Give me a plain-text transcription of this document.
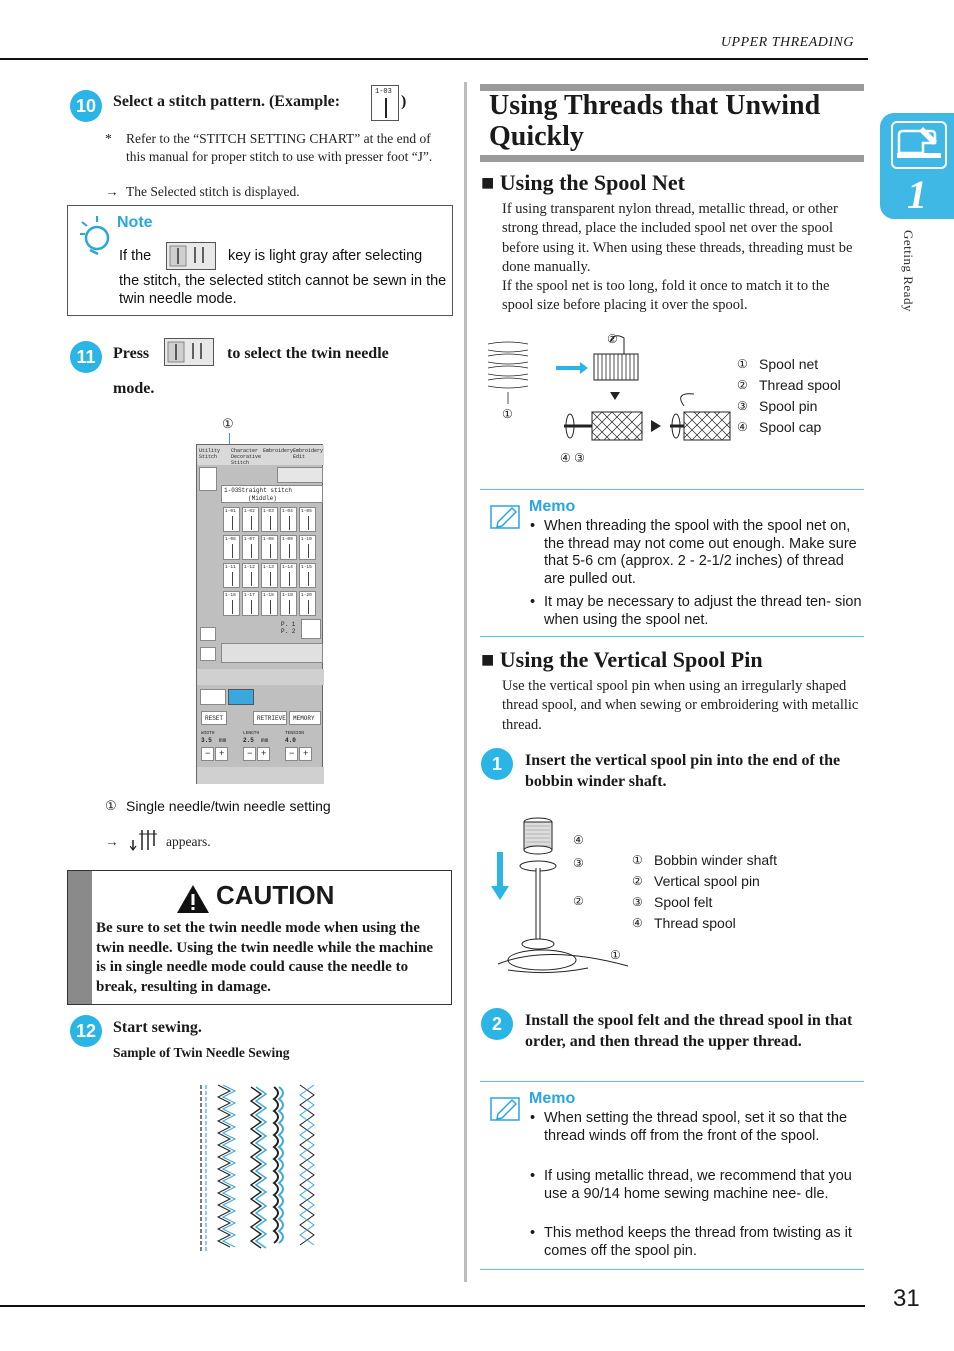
UPPER THREADING
1
Getting Ready
10	Select a stitch pattern. (Example:
1-03
)
* Refer to the “STITCH SETTING CHART” at the end of this manual for proper stitch to use with presser foot “J”.
→ The Selected stitch is displayed.
Note
If the	key is light gray after selecting
the stitch, the selected stitch cannot be sewn in the twin needle mode.
11	Press	to select the twin needle
mode.
①
Utility Stitch
Character Decorative Stitch
Embroidery Embroidery Edit
1-03 Straight stitch
(Middle)
P. 1
P. 2
RESET	RETRIEVE MEMORY
WIDTH	LENGTH	TENSION
3.5 mm	2.5 mm	4.0
1-01 1-02 1-03 1-04 1-05
1-06 1-07 1-08 1-09 1-10
1-11 1-12 1-13 1-14 1-15
1-16 1-17 1-18 1-19 1-20
− +	− +	− +
① Single needle/twin needle setting
→	appears.
CAUTION
Be sure to set the twin needle mode when using the twin needle. Using the twin needle while the machine is in single needle mode could cause the needle to break, resulting in damage.
12	Start sewing.
Sample of Twin Needle Sewing
Using Threads that Unwind
Quickly
■ Using the Spool Net
If using transparent nylon thread, metallic thread, or other strong thread, place the included spool net over the spool before using it. When using these threads, threading must be done manually.
If the spool net is too long, fold it once to match it to the spool size before placing it over the spool.
①
②
④ ③
① Spool net
② Thread spool
③ Spool pin
④ Spool cap
Memo
• When threading the spool with the spool net on, the thread may not come out enough. Make sure that 5-6 cm (approx. 2 - 2-1/2 inches) of thread are pulled out.
• It may be necessary to adjust the thread ten- sion when using the spool net.
■ Using the Vertical Spool Pin
Use the vertical spool pin when using an irregularly shaped thread spool, and when sewing or embroidering with metallic thread.
1	Insert the vertical spool pin into the end of the bobbin winder shaft.
④
③
②
①
① Bobbin winder shaft
② Vertical spool pin
③ Spool felt
④ Thread spool
2	Install the spool felt and the thread spool in that order, and then thread the upper thread.
Memo
• When setting the thread spool, set it so that the thread winds off from the front of the spool.
• If using metallic thread, we recommend that you use a 90/14 home sewing machine nee- dle.
• This method keeps the thread from twisting as it comes off the spool pin.
31
